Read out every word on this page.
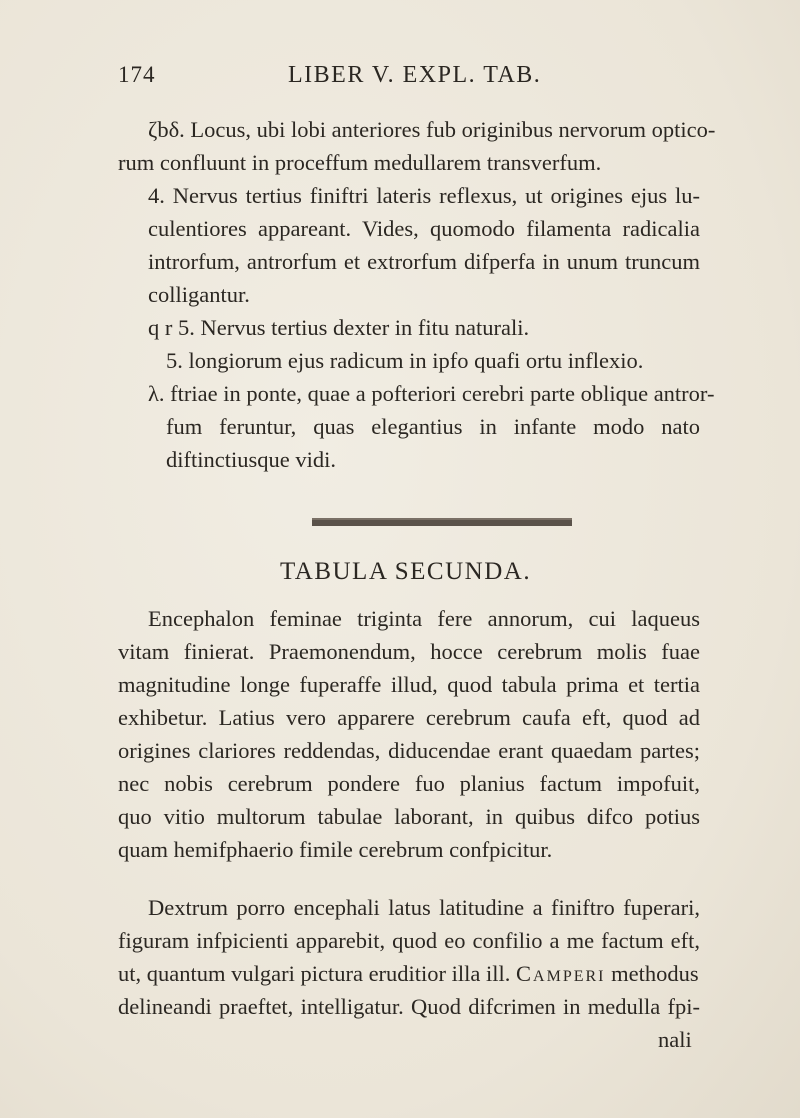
174	LIBER V. EXPL. TAB.
ζbδ. Locus, ubi lobi anteriores fub originibus nervorum optico-
rum confluunt in proceffum medullarem transverfum.
4. Nervus tertius finiftri lateris reflexus, ut origines ejus lu-
culentiores appareant. Vides, quomodo filamenta radicalia
introrfum, antrorfum et extrorfum difperfa in unum truncum
colligantur.
q r 5. Nervus tertius dexter in fitu naturali.
5. longiorum ejus radicum in ipfo quafi ortu inflexio.
λ. ftriae in ponte, quae a pofteriori cerebri parte oblique antror-
fum feruntur, quas elegantius in infante modo nato
diftinctiusque vidi.
TABULA SECUNDA.
Encephalon feminae triginta fere annorum, cui laqueus
vitam finierat. Praemonendum, hocce cerebrum molis fuae
magnitudine longe fuperaffe illud, quod tabula prima et tertia
exhibetur. Latius vero apparere cerebrum caufa eft, quod ad
origines clariores reddendas, diducendae erant quaedam partes;
nec nobis cerebrum pondere fuo planius factum impofuit,
quo vitio multorum tabulae laborant, in quibus difco potius
quam hemifphaerio fimile cerebrum confpicitur.
Dextrum porro encephali latus latitudine a finiftro fuperari,
figuram infpicienti apparebit, quod eo confilio a me factum eft,
ut, quantum vulgari pictura eruditior illa ill. Camperi methodus
delineandi praeftet, intelligatur. Quod difcrimen in medulla fpi-
nali
